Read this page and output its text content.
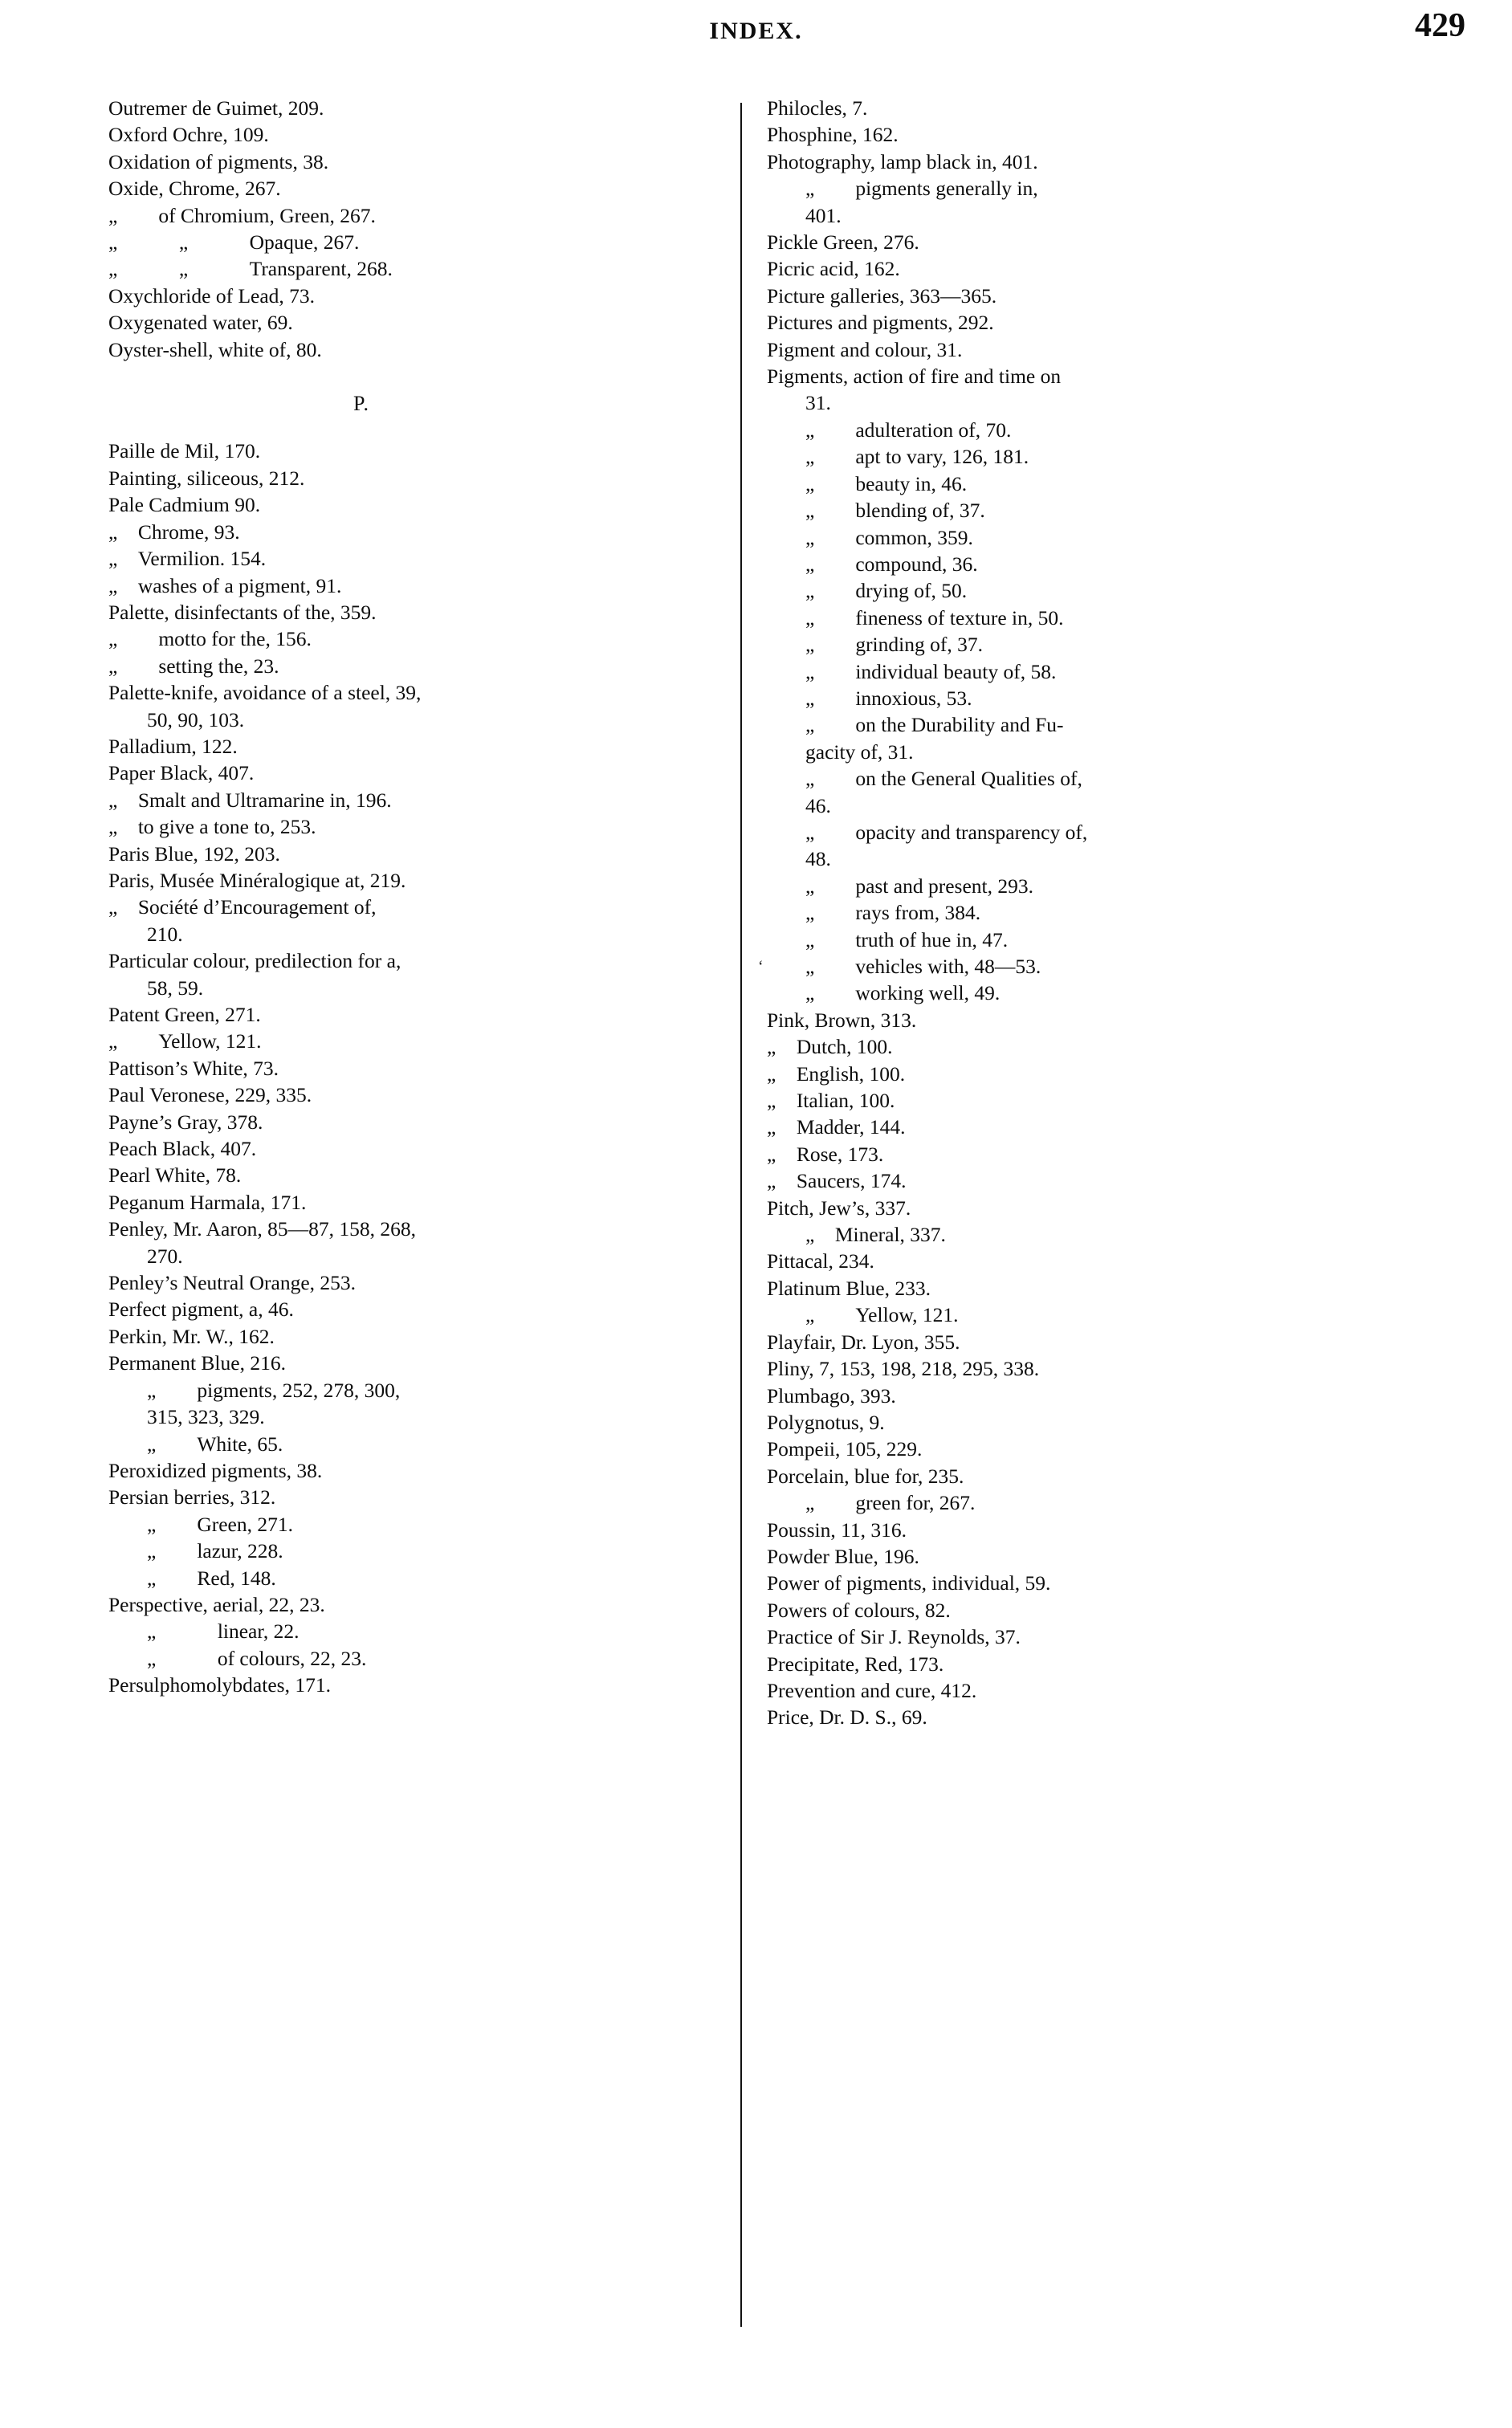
INDEX.	429
Outremer de Guimet, 209.
Oxford Ochre, 109.
Oxidation of pigments, 38.
Oxide, Chrome, 267.
„  of Chromium, Green, 267.
„   „   Opaque, 267.
„   „   Transparent, 268.
Oxychloride of Lead, 73.
Oxygenated water, 69.
Oyster-shell, white of, 80.
P.
Paille de Mil, 170.
Painting, siliceous, 212.
Pale Cadmium 90.
„ Chrome, 93.
„ Vermilion. 154.
„ washes of a pigment, 91.
Palette, disinfectants of the, 359.
„  motto for the, 156.
„  setting the, 23.
Palette-knife, avoidance of a steel, 39,
50, 90, 103.
Palladium, 122.
Paper Black, 407.
„ Smalt and Ultramarine in, 196.
„ to give a tone to, 253.
Paris Blue, 192, 203.
Paris, Musée Minéralogique at, 219.
„ Société d’Encouragement of,
210.
Particular colour, predilection for a,
58, 59.
Patent Green, 271.
„  Yellow, 121.
Pattison’s White, 73.
Paul Veronese, 229, 335.
Payne’s Gray, 378.
Peach Black, 407.
Pearl White, 78.
Peganum Harmala, 171.
Penley, Mr. Aaron, 85—87, 158, 268,
270.
Penley’s Neutral Orange, 253.
Perfect pigment, a, 46.
Perkin, Mr. W., 162.
Permanent Blue, 216.
„  pigments, 252, 278, 300,
315, 323, 329.
„  White, 65.
Peroxidized pigments, 38.
Persian berries, 312.
„  Green, 271.
„  lazur, 228.
„  Red, 148.
Perspective, aerial, 22, 23.
„   linear, 22.
„   of colours, 22, 23.
Persulphomolybdates, 171.
Philocles, 7.
Phosphine, 162.
Photography, lamp black in, 401.
„  pigments generally in,
401.
Pickle Green, 276.
Picric acid, 162.
Picture galleries, 363—365.
Pictures and pigments, 292.
Pigment and colour, 31.
Pigments, action of fire and time on
31.
„  adulteration of, 70.
„  apt to vary, 126, 181.
„  beauty in, 46.
„  blending of, 37.
„  common, 359.
„  compound, 36.
„  drying of, 50.
„  fineness of texture in, 50.
„  grinding of, 37.
„  individual beauty of, 58.
„  innoxious, 53.
„  on the Durability and Fu-
gacity of, 31.
„  on the General Qualities of,
46.
„  opacity and transparency of,
48.
„  past and present, 293.
„  rays from, 384.
„  truth of hue in, 47.
„  vehicles with, 48—53.
„  working well, 49.
Pink, Brown, 313.
„ Dutch, 100.
„ English, 100.
„ Italian, 100.
„ Madder, 144.
„ Rose, 173.
„ Saucers, 174.
Pitch, Jew’s, 337.
„ Mineral, 337.
Pittacal, 234.
Platinum Blue, 233.
„  Yellow, 121.
Playfair, Dr. Lyon, 355.
Pliny, 7, 153, 198, 218, 295, 338.
Plumbago, 393.
Polygnotus, 9.
Pompeii, 105, 229.
Porcelain, blue for, 235.
„  green for, 267.
Poussin, 11, 316.
Powder Blue, 196.
Power of pigments, individual, 59.
Powers of colours, 82.
Practice of Sir J. Reynolds, 37.
Precipitate, Red, 173.
Prevention and cure, 412.
Price, Dr. D. S., 69.
‘
